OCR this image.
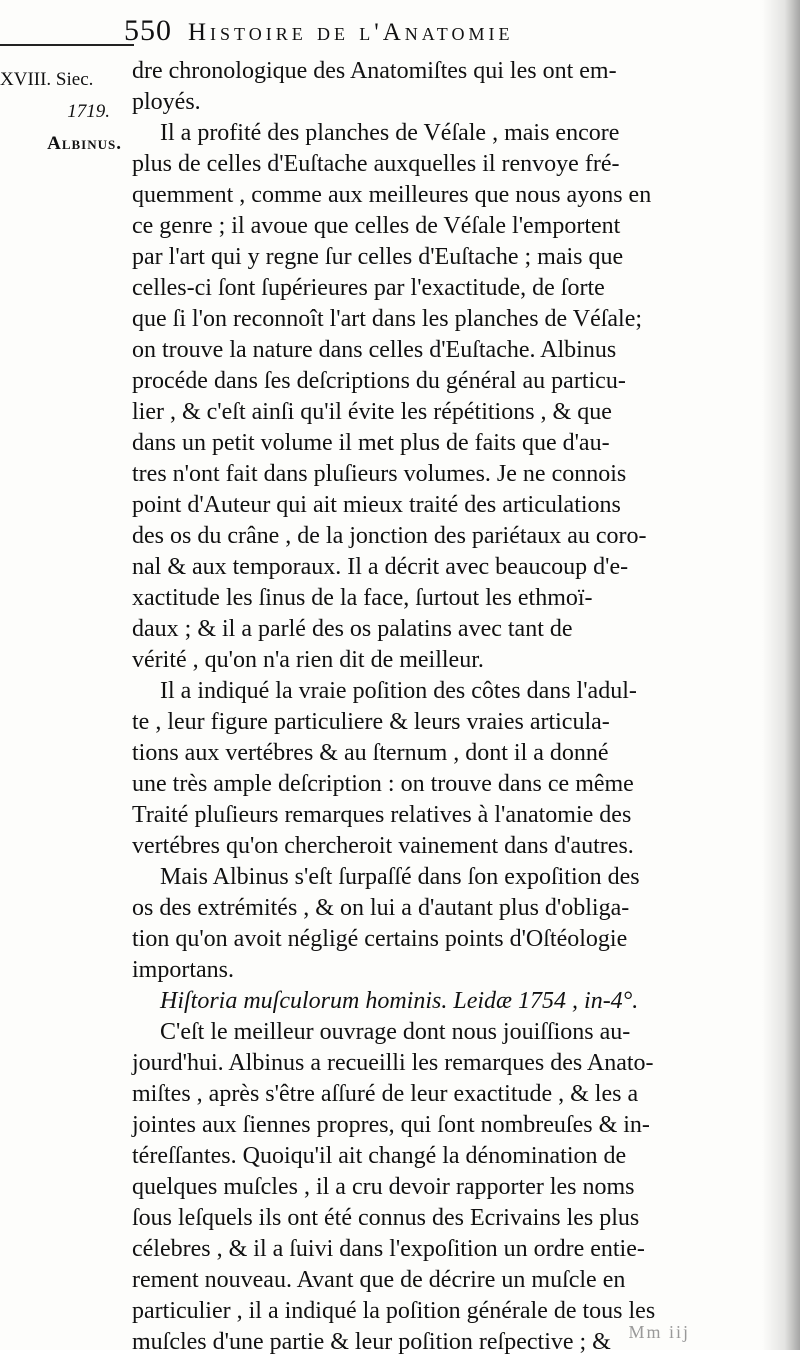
550 Histoire de l'Anatomie
XVIII. Siec.
1719.
Albinus.
dre chronologique des Anatomiſtes qui les ont em-
ployés.
Il a profité des planches de Véſale , mais encore
plus de celles d'Euſtache auxquelles il renvoye fré-
quemment , comme aux meilleures que nous ayons en
ce genre ; il avoue que celles de Véſale l'emportent
par l'art qui y regne ſur celles d'Euſtache ; mais que
celles-ci ſont ſupérieures par l'exactitude, de ſorte
que ſi l'on reconnoît l'art dans les planches de Véſale;
on trouve la nature dans celles d'Euſtache. Albinus
procéde dans ſes deſcriptions du général au particu-
lier , & c'eſt ainſi qu'il évite les répétitions , & que
dans un petit volume il met plus de faits que d'au-
tres n'ont fait dans pluſieurs volumes. Je ne connois
point d'Auteur qui ait mieux traité des articulations
des os du crâne , de la jonction des pariétaux au coro-
nal & aux temporaux. Il a décrit avec beaucoup d'e-
xactitude les ſinus de la face, ſurtout les ethmoï-
daux ; & il a parlé des os palatins avec tant de
vérité , qu'on n'a rien dit de meilleur.
Il a indiqué la vraie poſition des côtes dans l'adul-
te , leur figure particuliere & leurs vraies articula-
tions aux vertébres & au ſternum , dont il a donné
une très ample deſcription : on trouve dans ce même
Traité pluſieurs remarques relatives à l'anatomie des
vertébres qu'on chercheroit vainement dans d'autres.
Mais Albinus s'eſt ſurpaſſé dans ſon expoſition des
os des extrémités , & on lui a d'autant plus d'obliga-
tion qu'on avoit négligé certains points d'Oſtéologie
importans.
Hiſtoria muſculorum hominis. Leidæ 1754 , in-4°.
C'eſt le meilleur ouvrage dont nous jouiſſions au-
jourd'hui. Albinus a recueilli les remarques des Anato-
miſtes , après s'être aſſuré de leur exactitude , & les a
jointes aux ſiennes propres, qui ſont nombreuſes & in-
téreſſantes. Quoiqu'il ait changé la dénomination de
quelques muſcles , il a cru devoir rapporter les noms
ſous leſquels ils ont été connus des Ecrivains les plus
célebres , & il a ſuivi dans l'expoſition un ordre entie-
rement nouveau. Avant que de décrire un muſcle en
particulier , il a indiqué la poſition générale de tous les
muſcles d'une partie & leur poſition reſpective ; & Mm iij
